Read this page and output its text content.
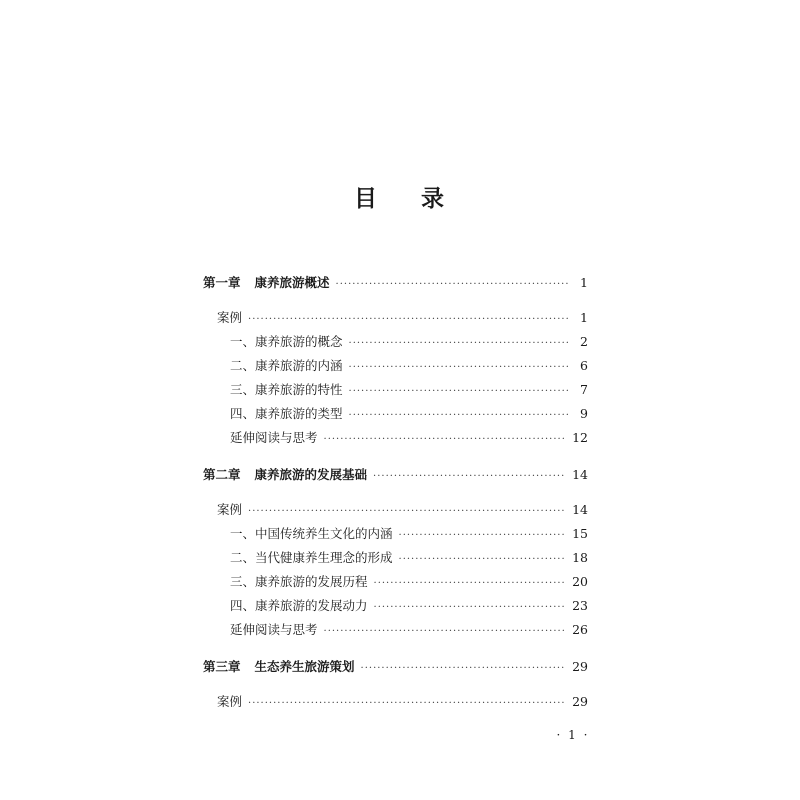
目 录
第一章 康养旅游概述 ·····	1
案例 ·····	1
一、康养旅游的概念 ·····	2
二、康养旅游的内涵 ·····	6
三、康养旅游的特性 ·····	7
四、康养旅游的类型 ·····	9
延伸阅读与思考 ·····	12
第二章 康养旅游的发展基础 ·····	14
案例 ·····	14
一、中国传统养生文化的内涵 ·····	15
二、当代健康养生理念的形成 ·····	18
三、康养旅游的发展历程 ·····	20
四、康养旅游的发展动力 ·····	23
延伸阅读与思考 ·····	26
第三章 生态养生旅游策划 ·····	29
案例 ·····	29
· 1 ·
